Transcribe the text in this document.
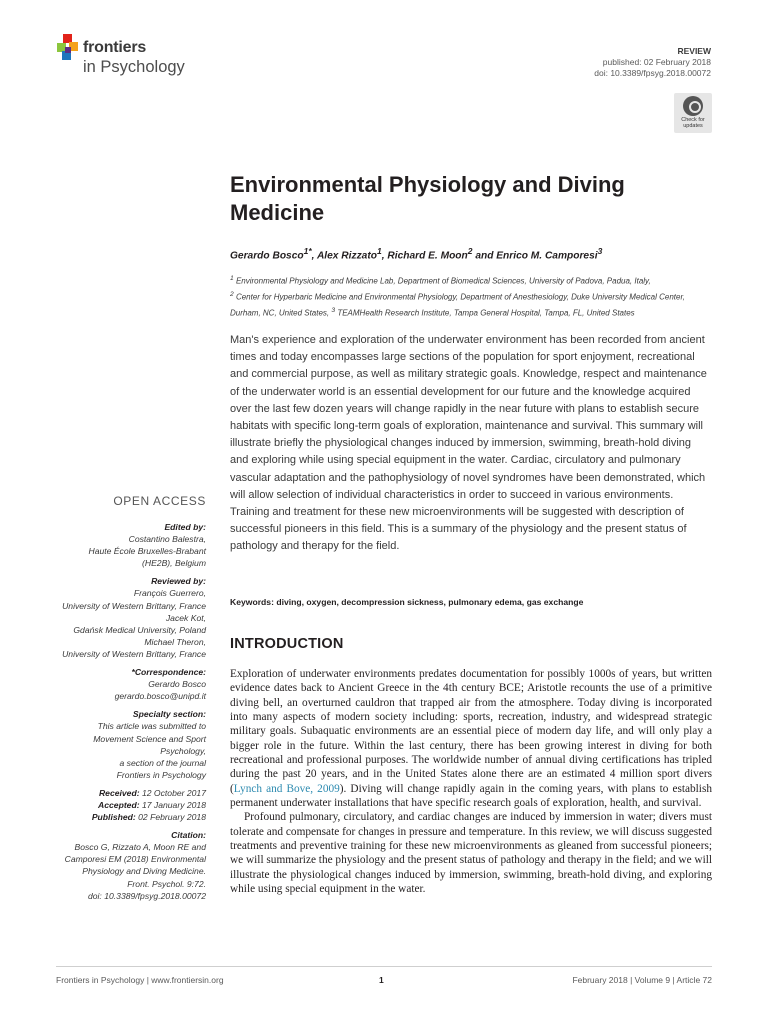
frontiers
in Psychology
REVIEW
published: 02 February 2018
doi: 10.3389/fpsyg.2018.00072
Check for updates
Environmental Physiology and Diving Medicine
Gerardo Bosco$^{1*}$, Alex Rizzato$^1$, Richard E. Moon$^2$ and Enrico M. Camporesi$^3$
$^1$ Environmental Physiology and Medicine Lab, Department of Biomedical Sciences, University of Padova, Padua, Italy,
$^2$ Center for Hyperbaric Medicine and Environmental Physiology, Department of Anesthesiology, Duke University Medical Center, Durham, NC, United States, $^3$ TEAMHealth Research Institute, Tampa General Hospital, Tampa, FL, United States

Man's experience and exploration of the underwater environment has been recorded from ancient times and today encompasses large sections of the population for sport enjoyment, recreational and commercial purpose, as well as military strategic goals. Knowledge, respect and maintenance of the underwater world is an essential development for our future and the knowledge acquired over the last few dozen years will change rapidly in the near future with plans to establish secure habitats with specific long-term goals of exploration, maintenance and survival. This summary will illustrate briefly the physiological changes induced by immersion, swimming, breath-hold diving and exploring while using special equipment in the water. Cardiac, circulatory and pulmonary vascular adaptation and the pathophysiology of novel syndromes have been demonstrated, which will allow selection of individual characteristics in order to succeed in various environments. Training and treatment for these new microenvironments will be suggested with description of successful pioneers in this field. This is a summary of the physiology and the present status of pathology and therapy for the field.

Keywords: diving, oxygen, decompression sickness, pulmonary edema, gas exchange
OPEN ACCESS
Edited by:
Costantino Balestra,
Haute École Bruxelles-Brabant
(HE2B), Belgium
Reviewed by:
François Guerrero,
University of Western Brittany, France
Jacek Kot,
Gdańsk Medical University, Poland
Michael Theron,
University of Western Brittany, France
*Correspondence:
Gerardo Bosco
gerardo.bosco@unipd.it
Specialty section:
This article was submitted to
Movement Science and Sport
Psychology,
a section of the journal
Frontiers in Psychology
Received: 12 October 2017
Accepted: 17 January 2018
Published: 02 February 2018
Citation:
Bosco G, Rizzato A, Moon RE and
Camporesi EM (2018) Environmental
Physiology and Diving Medicine.
Front. Psychol. 9:72.
doi: 10.3389/fpsyg.2018.00072
INTRODUCTION

Exploration of underwater environments predates documentation for possibly 1000s of years, but written evidence dates back to Ancient Greece in the 4th century BCE; Aristotle recounts the use of a primitive diving bell, an overturned cauldron that trapped air from the atmosphere. Today diving is incorporated into many aspects of modern society including: sports, recreation, industry, and widespread strategic military goals. Subaquatic environments are an essential piece of modern day life, and will only play a bigger role in the future. Within the last century, there has been growing interest in diving for both recreational and professional purposes. The worldwide number of annual diving certifications has tripled during the past 20 years, and in the United States alone there are an estimated 4 million sport divers (Lynch and Bove, 2009). Diving will change rapidly again in the coming years, with plans to establish permanent underwater installations that have specific research goals of exploration, health, and survival.

Profound pulmonary, circulatory, and cardiac changes are induced by immersion in water; divers must tolerate and compensate for changes in pressure and temperature. In this review, we will discuss suggested treatments and preventive training for these new microenvironments as gleaned from successful pioneers; we will summarize the physiology and the present status of pathology and therapy in the field; and we will illustrate the physiological changes induced by immersion, swimming, breath-hold diving, and exploring while using special equipment in the water.

Frontiers in Psychology | www.frontiersin.org	1	February 2018 | Volume 9 | Article 72
